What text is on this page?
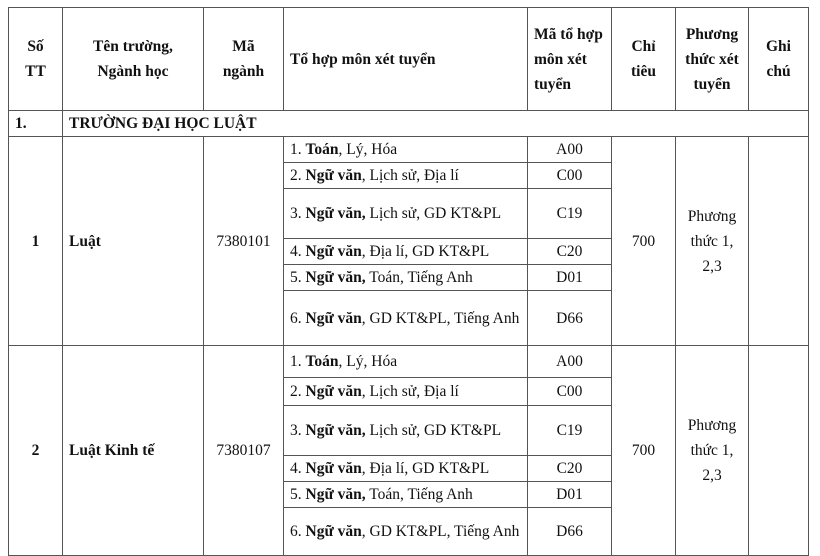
Số TT	Tên trường, Ngành học	Mã ngành	Tổ hợp môn xét tuyển	Mã tổ hợp môn xét tuyển	Chỉ tiêu	Phương thức xét tuyển	Ghi chú
1.	TRƯỜNG ĐẠI HỌC LUẬT						
1	Luật	7380101	1. Toán, Lý, Hóa	A00	700	Phương thức 1, 2,3	
			2. Ngữ văn, Lịch sử, Địa lí	C00			
			3. Ngữ văn, Lịch sử, GD KT&PL	C19			
			4. Ngữ văn, Địa lí, GD KT&PL	C20			
			5. Ngữ văn, Toán, Tiếng Anh	D01			
			6. Ngữ văn, GD KT&PL, Tiếng Anh	D66			
2	Luật Kinh tế	7380107	1. Toán, Lý, Hóa	A00	700	Phương thức 1, 2,3	
			2. Ngữ văn, Lịch sử, Địa lí	C00			
			3. Ngữ văn, Lịch sử, GD KT&PL	C19			
			4. Ngữ văn, Địa lí, GD KT&PL	C20			
			5. Ngữ văn, Toán, Tiếng Anh	D01			
			6. Ngữ văn, GD KT&PL, Tiếng Anh	D66			
